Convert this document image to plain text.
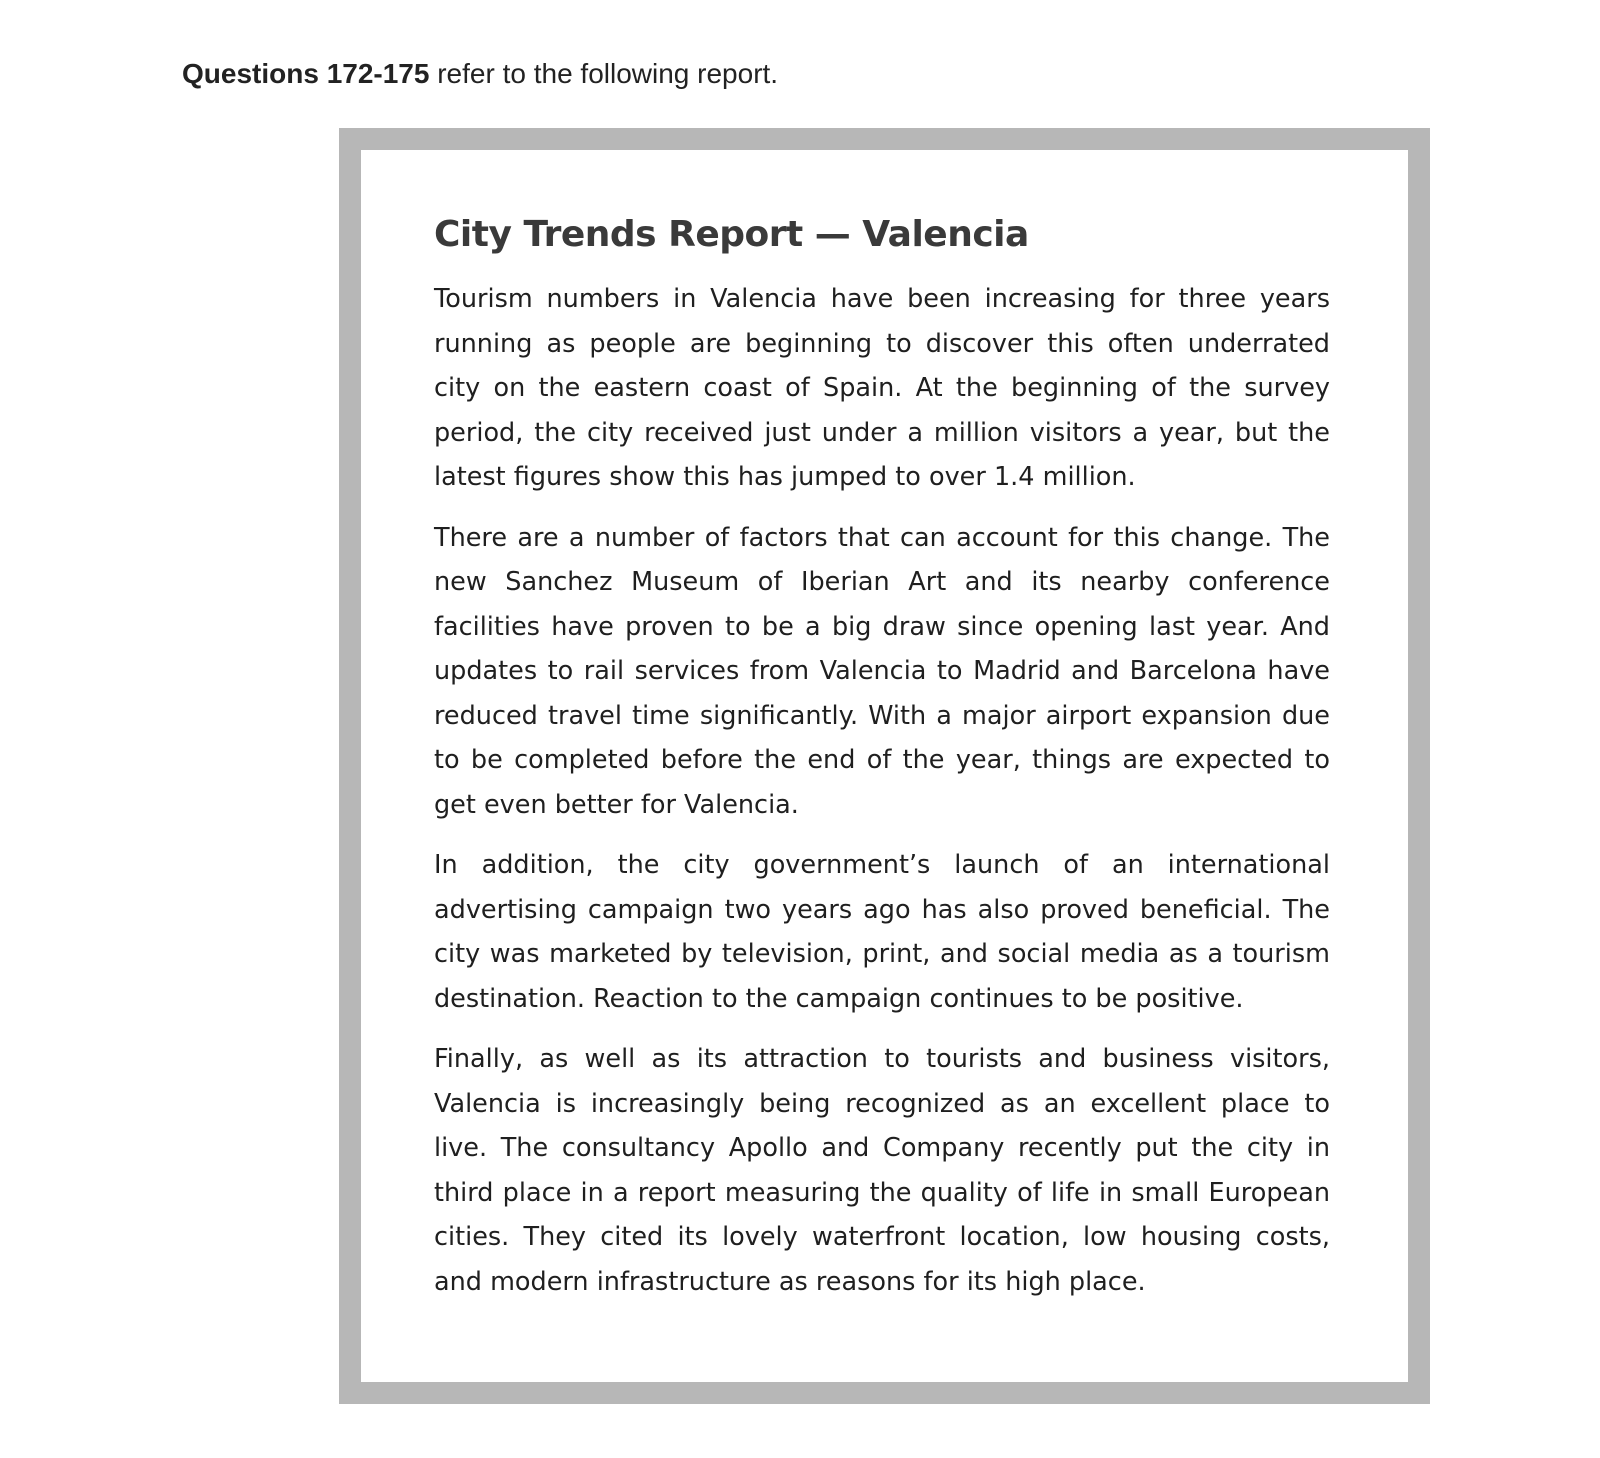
Questions 172-175 refer to the following report.
City Trends Report — Valencia

Tourism numbers in Valencia have been increasing for three years running as people are beginning to discover this often underrated city on the eastern coast of Spain. At the beginning of the survey period, the city received just under a million visitors a year, but the latest figures show this has jumped to over 1.4 million.

There are a number of factors that can account for this change. The new Sanchez Museum of Iberian Art and its nearby conference facilities have proven to be a big draw since opening last year. And updates to rail services from Valencia to Madrid and Barcelona have reduced travel time significantly. With a major airport expansion due to be completed before the end of the year, things are expected to get even better for Valencia.

In addition, the city government’s launch of an international advertising campaign two years ago has also proved beneficial. The city was marketed by television, print, and social media as a tourism destination. Reaction to the campaign continues to be positive.

Finally, as well as its attraction to tourists and business visitors, Valencia is increasingly being recognized as an excellent place to live. The consultancy Apollo and Company recently put the city in third place in a report measuring the quality of life in small European cities. They cited its lovely waterfront location, low housing costs, and modern infrastructure as reasons for its high place.
